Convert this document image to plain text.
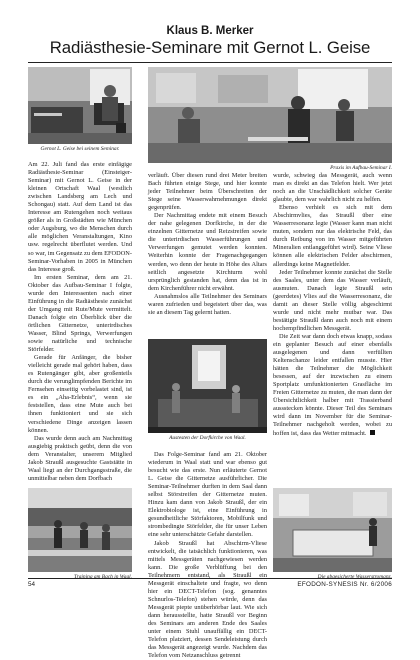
Klaus B. Merker
Radiästhesie-Seminare mit Gernot L. Geise
Gernot L. Geise bei seinem Seminar.
Praxis im Aufbau-Seminar I.

Am 22. Juli fand das erste einfägige Radiästhesie-Seminar (Einsteiger-Seminar) mit Gernot L. Geise in der kleinen Ortschaft Waal (westlich zwischen Landsberg am Lech und Schongau) statt. Auf dem Land ist das Interesse am Rutengehen noch weitaus größer als in Großstädten wie München oder Augsburg, wo die Menschen durch alle möglichen Veranstaltungen, Kino usw. regelrecht überflutet werden. Und so war, im Gegensatz zu dem EFODON-Seminar-Vorhaben in 2005 in München das Interesse groß.

Im ersten Seminar, dem am 21. Oktober das Aufbau-Seminar I folgte, wurde den Interessenten nach einer Einführung in die Radiästhesie zunächst der Umgang mit Rute/Mute vermittelt. Danach folgte ein Überblick über die örtlichen Gitternetze, unterirdisches Wasser, Blind Springs, Verwerfungen sowie natürliche und technische Störfelder.

Gerade für Anfänger, die bisher vielleicht gerade mal gehört haben, dass es Rutengänger gibt, aber großenteils durch die verunglimpfenden Berichte im Fernsehen einseitig vorbelastet sind, ist es ein „Aha-Erlebnis“, wenn sie feststellen, dass eine Mute auch bei ihnen funktioniert und sie sich verschiedene Dinge anzeigen lassen können.

Das wurde denn auch am Nachmittag ausgiebig praktisch geübt, denn die von dem Veranstalter, unserem Mitglied Jakob Straußl ausgesuchte Gaststätte in Waal liegt an der Durchgangsstraße, die unmittelbar neben dem Dorfbach

Training am Bach in Waal.

verläuft. Über diesen rund drei Meter breiten Bach führten einige Stege, und hier konnte jeder Teilnehmer beim Überschreiten der Stege seine Wasserwahrnehmungen direkt gegenprüfen.

Der Nachmittag endete mit einem Besuch der nahe gelegenen Dorfkirche, in der die einzelnen Gitternetze und Reizstreifen sowie die unterirdischen Wasserführungen und Verwerfungen gemutet werden konnten. Weiterhin konnte der Fragenachgegangen werden, wo denn der heute in Höhe des Altars seitlich angesetzte Kirchturm wohl ursprünglich gestanden hat, denn das ist in dem Kirchenführer nicht erwähnt.

Ausnahmslos alle Teilnehmer des Seminars waren zufrieden und begeistert über das, was sie an diesem Tag gelernt hatten.

Austesten der Dorfkirche von Waal.

Das Folge-Seminar fand am 21. Oktober wiederum in Waal statt und war ebenso gut besucht wie das erste. Nun erläuterte Gernot L. Geise die Gitternetze ausführlicher. Die Seminar-Teilnehmer durften in dem Saal dann selbst Störstreifen der Gitternetze muten. Hinzu kam dann von Jakob Straußl, der ein Elektrobiologe ist, eine Einführung in gesundheitliche Störfaktoren, Mobilfunk und strombedingte Störfelder, die für unser Leben eine sehr unterschätzte Gefahr darstellen.

Jakob Straußl hat Abschirm-Vliese entwickelt, die tatsächlich funktionieren, was mittels Messgeräten nachgewiesen werden kann. Die große Verblüffung bei den Teilnehmern entstand, als Straußl ein Messgerät einschaltete und fragte, wo denn hier ein DECT-Telefon (sog. genanntes Schnurlos-Telefon) stehen würde, denn das Messgerät piepte unüberhörbar laut. Wie sich dann herausstellte, hatte Straußl vor Beginn des Seminars am anderen Ende des Saales unter einem Stuhl unauffällig ein DECT-Telefon platziert, dessen Sendeleistung durch das Messgerät angezeigt wurde. Nachdem das Telefon vom Netzanschluss getrennt

wurde, schwieg das Messgerät, auch wenn man es direkt an das Telefon hielt. Wer jetzt noch an die Unschädlichkeit solcher Geräte glaubte, dem war wahrlich nicht zu helfen.

Ebenso verhielt es sich mit dem Abschirmvlies, das Straußl über eine Wasserresonanz legte (Wasser kann man nicht muten, sondern nur das elektrische Feld, das durch Reibung von im Wasser mitgeführten Mineralien entlanggeführt wird). Seine Vliese können alle elektrischen Felder abschirmen, allerdings keine Magnetfelder.

Jeder Teilnehmer konnte zunächst die Stelle des Saales, unter dem das Wasser verläuft, ausmuten. Danach legte Straußl sein (geerdetes) Vlies auf die Wasserresonanz, die damit an dieser Stelle völlig abgeschirmt wurde und nicht mehr mutbar war. Das bestätigte Straußl dann auch noch mit einem hochempfindlichen Messgerät.

Die Zeit war dann doch etwas knapp, sodass ein geplanter Besuch auf einer ebenfalls ausgelegenen und dann verfüllten Keltenschanze leider entfallen musste. Hier hätten die Teilnehmer die Möglichkeit besessen, auf der inzwischen zu einem Sportplatz umfunktionierten Grasfläche im Freien Gitternetze zu muten, die man dann der Übersichtlichkeit halber mit Trassierband aussstecken könnte. Dieser Teil des Seminars wird dann im November für die Seminar-Teilnehmer nachgeholt werden, wobei zu hoffen ist, dass das Wetter mitmacht.

Die abgesicherte Wasserstromanz.
54	EFODON-SYNESIS Nr. 6/2006
